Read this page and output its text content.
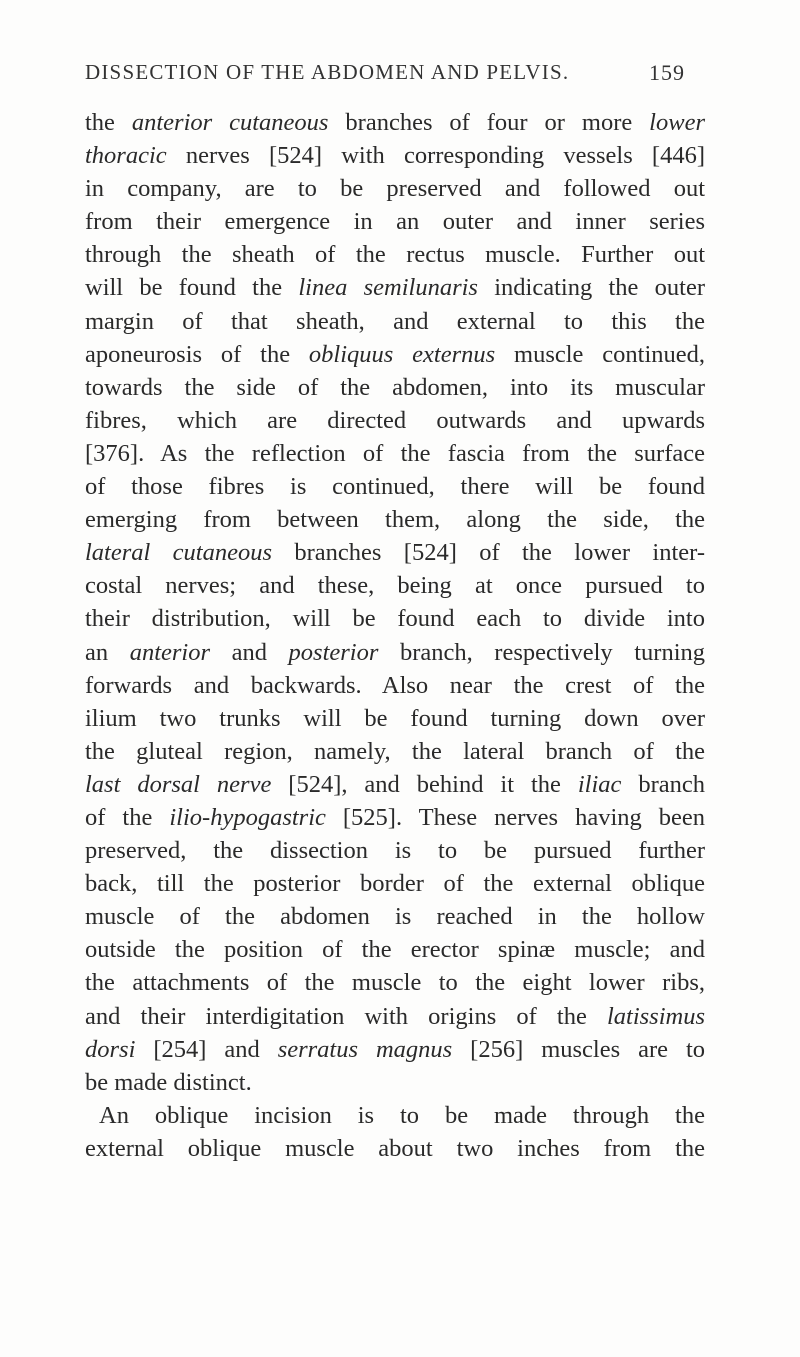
DISSECTION OF THE ABDOMEN AND PELVIS.	159
the anterior cutaneous branches of four or more lower
thoracic nerves [524] with corresponding vessels [446]
in company, are to be preserved and followed out
from their emergence in an outer and inner series
through the sheath of the rectus muscle. Further out
will be found the linea semilunaris indicating the outer
margin of that sheath, and external to this the
aponeurosis of the obliquus externus muscle continued,
towards the side of the abdomen, into its muscular
fibres, which are directed outwards and upwards
[376]. As the reflection of the fascia from the surface
of those fibres is continued, there will be found
emerging from between them, along the side, the
lateral cutaneous branches [524] of the lower inter-
costal nerves; and these, being at once pursued to
their distribution, will be found each to divide into
an anterior and posterior branch, respectively turning
forwards and backwards. Also near the crest of the
ilium two trunks will be found turning down over
the gluteal region, namely, the lateral branch of the
last dorsal nerve [524], and behind it the iliac branch
of the ilio-hypogastric [525]. These nerves having been
preserved, the dissection is to be pursued further
back, till the posterior border of the external oblique
muscle of the abdomen is reached in the hollow
outside the position of the erector spinæ muscle; and
the attachments of the muscle to the eight lower ribs,
and their interdigitation with origins of the latissimus
dorsi [254] and serratus magnus [256] muscles are to
be made distinct.
An oblique incision is to be made through the
external oblique muscle about two inches from the
